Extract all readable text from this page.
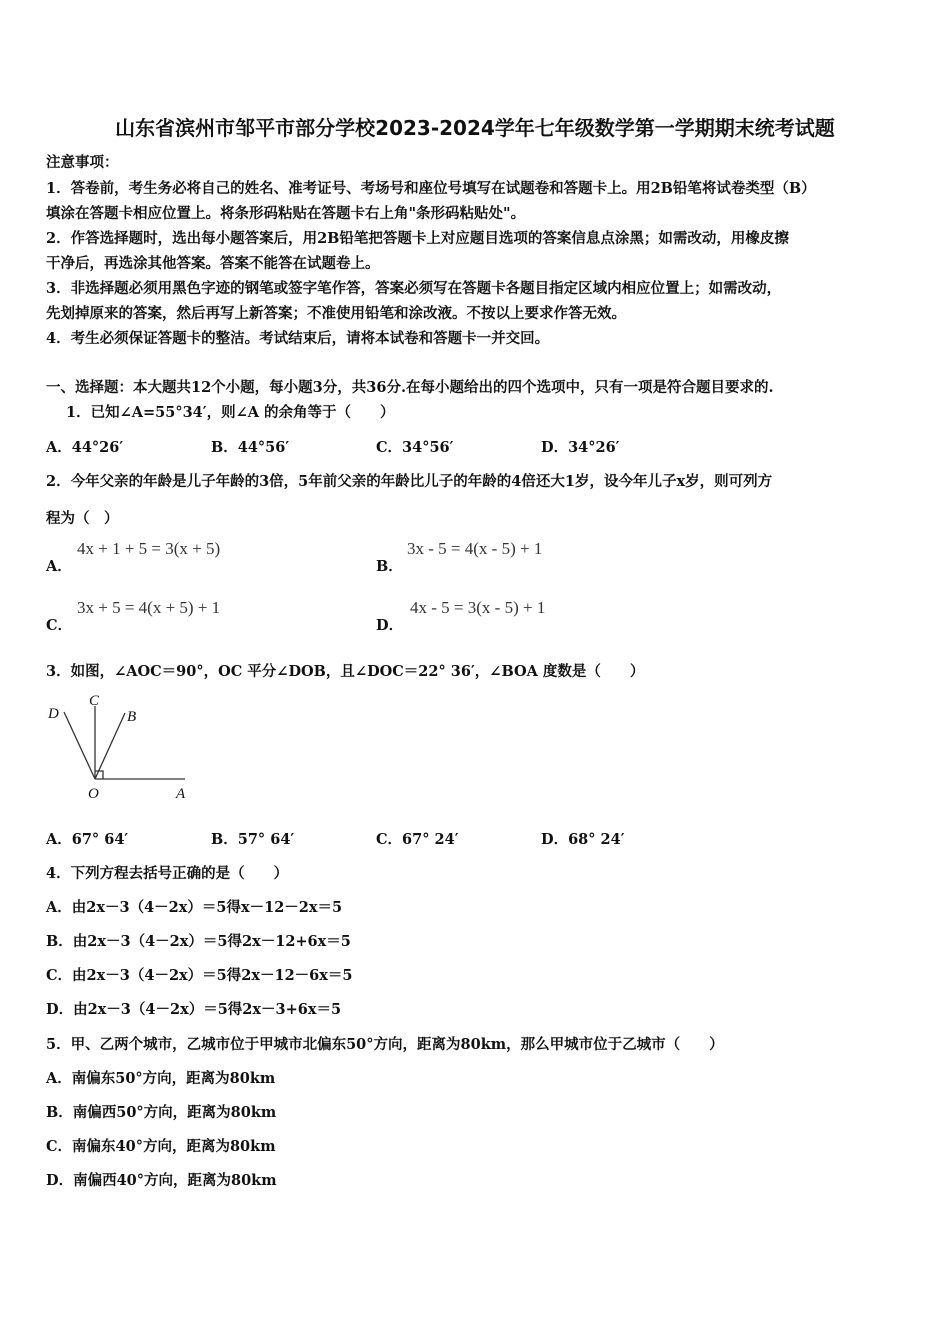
山东省滨州市邹平市部分学校2023-2024学年七年级数学第一学期期末统考试题
注意事项：
1．答卷前，考生务必将自己的姓名、准考证号、考场号和座位号填写在试题卷和答题卡上。用2B铅笔将试卷类型（B）
填涂在答题卡相应位置上。将条形码粘贴在答题卡右上角"条形码粘贴处"。
2．作答选择题时，选出每小题答案后，用2B铅笔把答题卡上对应题目选项的答案信息点涂黑；如需改动，用橡皮擦
干净后，再选涂其他答案。答案不能答在试题卷上。
3．非选择题必须用黑色字迹的钢笔或签字笔作答，答案必须写在答题卡各题目指定区域内相应位置上；如需改动，
先划掉原来的答案，然后再写上新答案；不准使用铅笔和涂改液。不按以上要求作答无效。
4．考生必须保证答题卡的整洁。考试结束后，请将本试卷和答题卡一并交回。
一、选择题：本大题共12个小题，每小题3分，共36分.在每小题给出的四个选项中，只有一项是符合题目要求的.
1．已知∠A=55°34′，则∠A 的余角等于（　　）
A．44°26′	B．44°56′	C．34°56′	D．34°26′
2．今年父亲的年龄是儿子年龄的3倍，5年前父亲的年龄比儿子的年龄的4倍还大1岁，设今年儿子x岁，则可列方
程为（　）
A．
4x + 1 + 5 = 3(x + 5)
B．
3x - 5 = 4(x - 5) + 1
C．
3x + 5 = 4(x + 5) + 1
D．
4x - 5 = 3(x - 5) + 1
3．如图，∠AOC＝90°，OC 平分∠DOB，且∠DOC＝22° 36′，∠BOA 度数是（　　）
D
C
B
O	A
A．67° 64′	B．57° 64′	C．67° 24′	D．68° 24′
4．下列方程去括号正确的是（　　）
A．由2x－3（4－2x）＝5得x－12－2x＝5
B．由2x－3（4－2x）＝5得2x－12+6x＝5
C．由2x－3（4－2x）＝5得2x－12－6x＝5
D．由2x－3（4－2x）＝5得2x－3+6x＝5
5．甲、乙两个城市，乙城市位于甲城市北偏东50°方向，距离为80km，那么甲城市位于乙城市（　　）
A．南偏东50°方向，距离为80km
B．南偏西50°方向，距离为80km
C．南偏东40°方向，距离为80km
D．南偏西40°方向，距离为80km
